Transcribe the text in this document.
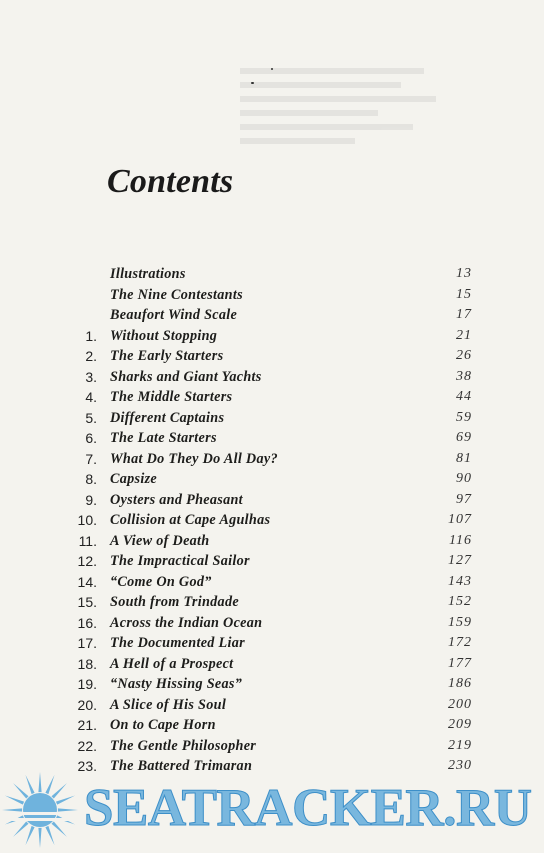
Contents
Illustrations	13
The Nine Contestants	15
Beaufort Wind Scale	17
1. Without Stopping	21
2. The Early Starters	26
3. Sharks and Giant Yachts	38
4. The Middle Starters	44
5. Different Captains	59
6. The Late Starters	69
7. What Do They Do All Day?	81
8. Capsize	90
9. Oysters and Pheasant	97
10. Collision at Cape Agulhas	107
11. A View of Death	116
12. The Impractical Sailor	127
14. “Come On God”	143
15. South from Trindade	152
16. Across the Indian Ocean	159
17. The Documented Liar	172
18. A Hell of a Prospect	177
19. “Nasty Hissing Seas”	186
20. A Slice of His Soul	200
21. On to Cape Horn	209
22. The Gentle Philosopher	219
23. The Battered Trimaran	230
SEATRACKER.RU
